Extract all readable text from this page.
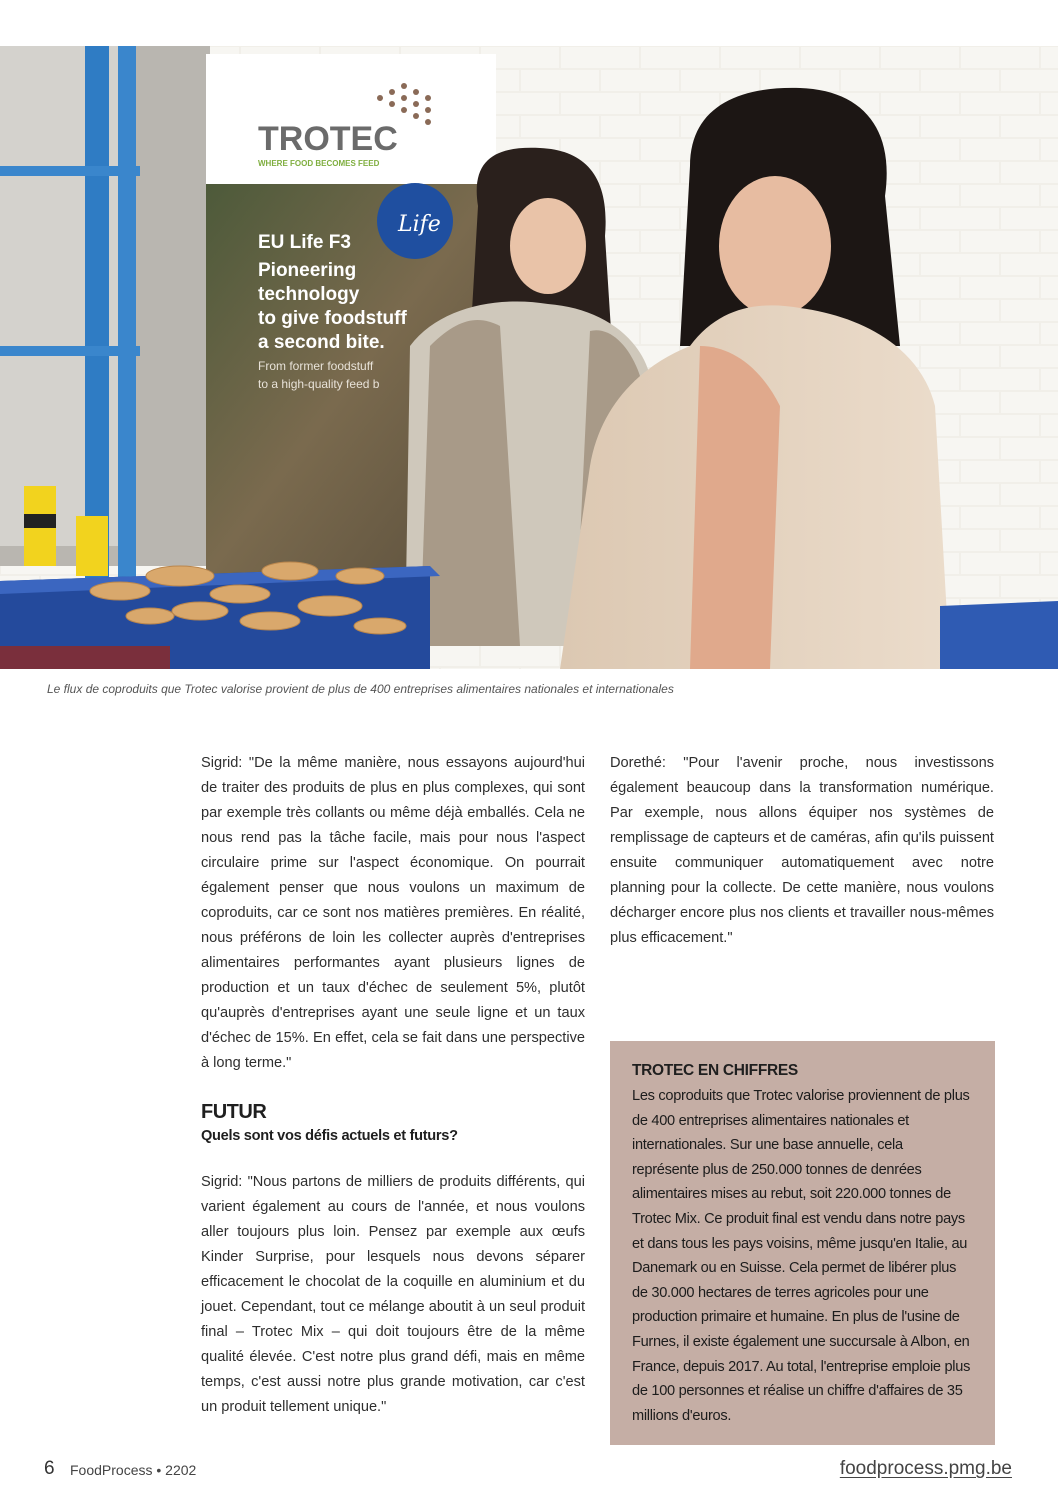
TROTEC
WHERE FOOD BECOMES FEED
Life
EU Life F3
Pioneering
technology
to give foodstuff
a second bite.
From former foodstuff
to a high-quality feed b
Le flux de coproduits que Trotec valorise provient de plus de 400 entreprises alimentaires nationales et internationales

Sigrid: "De la même manière, nous essayons aujourd'hui de traiter des produits de plus en plus complexes, qui sont par exemple très collants ou même déjà emballés. Cela ne nous rend pas la tâche facile, mais pour nous l'aspect circulaire prime sur l'aspect économique. On pourrait également penser que nous voulons un maximum de coproduits, car ce sont nos matières premières. En réalité, nous préférons de loin les collecter auprès d'entreprises alimentaires performantes ayant plusieurs lignes de production et un taux d'échec de seulement 5%, plutôt qu'auprès d'entreprises ayant une seule ligne et un taux d'échec de 15%. En effet, cela se fait dans une perspective à long terme."

FUTUR
Quels sont vos défis actuels et futurs?

Sigrid: "Nous partons de milliers de produits différents, qui varient également au cours de l'année, et nous voulons aller toujours plus loin. Pensez par exemple aux œufs Kinder Surprise, pour lesquels nous devons séparer efficacement le chocolat de la coquille en aluminium et du jouet. Cependant, tout ce mélange aboutit à un seul produit final – Trotec Mix – qui doit toujours être de la même qualité élevée. C'est notre plus grand défi, mais en même temps, c'est aussi notre plus grande motivation, car c'est un produit tellement unique."

Dorethé: "Pour l'avenir proche, nous investissons également beaucoup dans la transformation numérique. Par exemple, nous allons équiper nos systèmes de remplissage de capteurs et de caméras, afin qu'ils puissent ensuite communiquer automatiquement avec notre planning pour la collecte. De cette manière, nous voulons décharger encore plus nos clients et travailler nous-mêmes plus efficacement."

TROTEC EN CHIFFRES
Les coproduits que Trotec valorise proviennent de plus de 400 entreprises alimentaires nationales et internationales. Sur une base annuelle, cela représente plus de 250.000 tonnes de denrées alimentaires mises au rebut, soit 220.000 tonnes de Trotec Mix. Ce produit final est vendu dans notre pays et dans tous les pays voisins, même jusqu'en Italie, au Danemark ou en Suisse. Cela permet de libérer plus de 30.000 hectares de terres agricoles pour une production primaire et humaine. En plus de l'usine de Furnes, il existe également une succursale à Albon, en France, depuis 2017. Au total, l'entreprise emploie plus de 100 personnes et réalise un chiffre d'affaires de 35 millions d'euros.
6 FoodProcess • 2202	foodprocess.pmg.be
